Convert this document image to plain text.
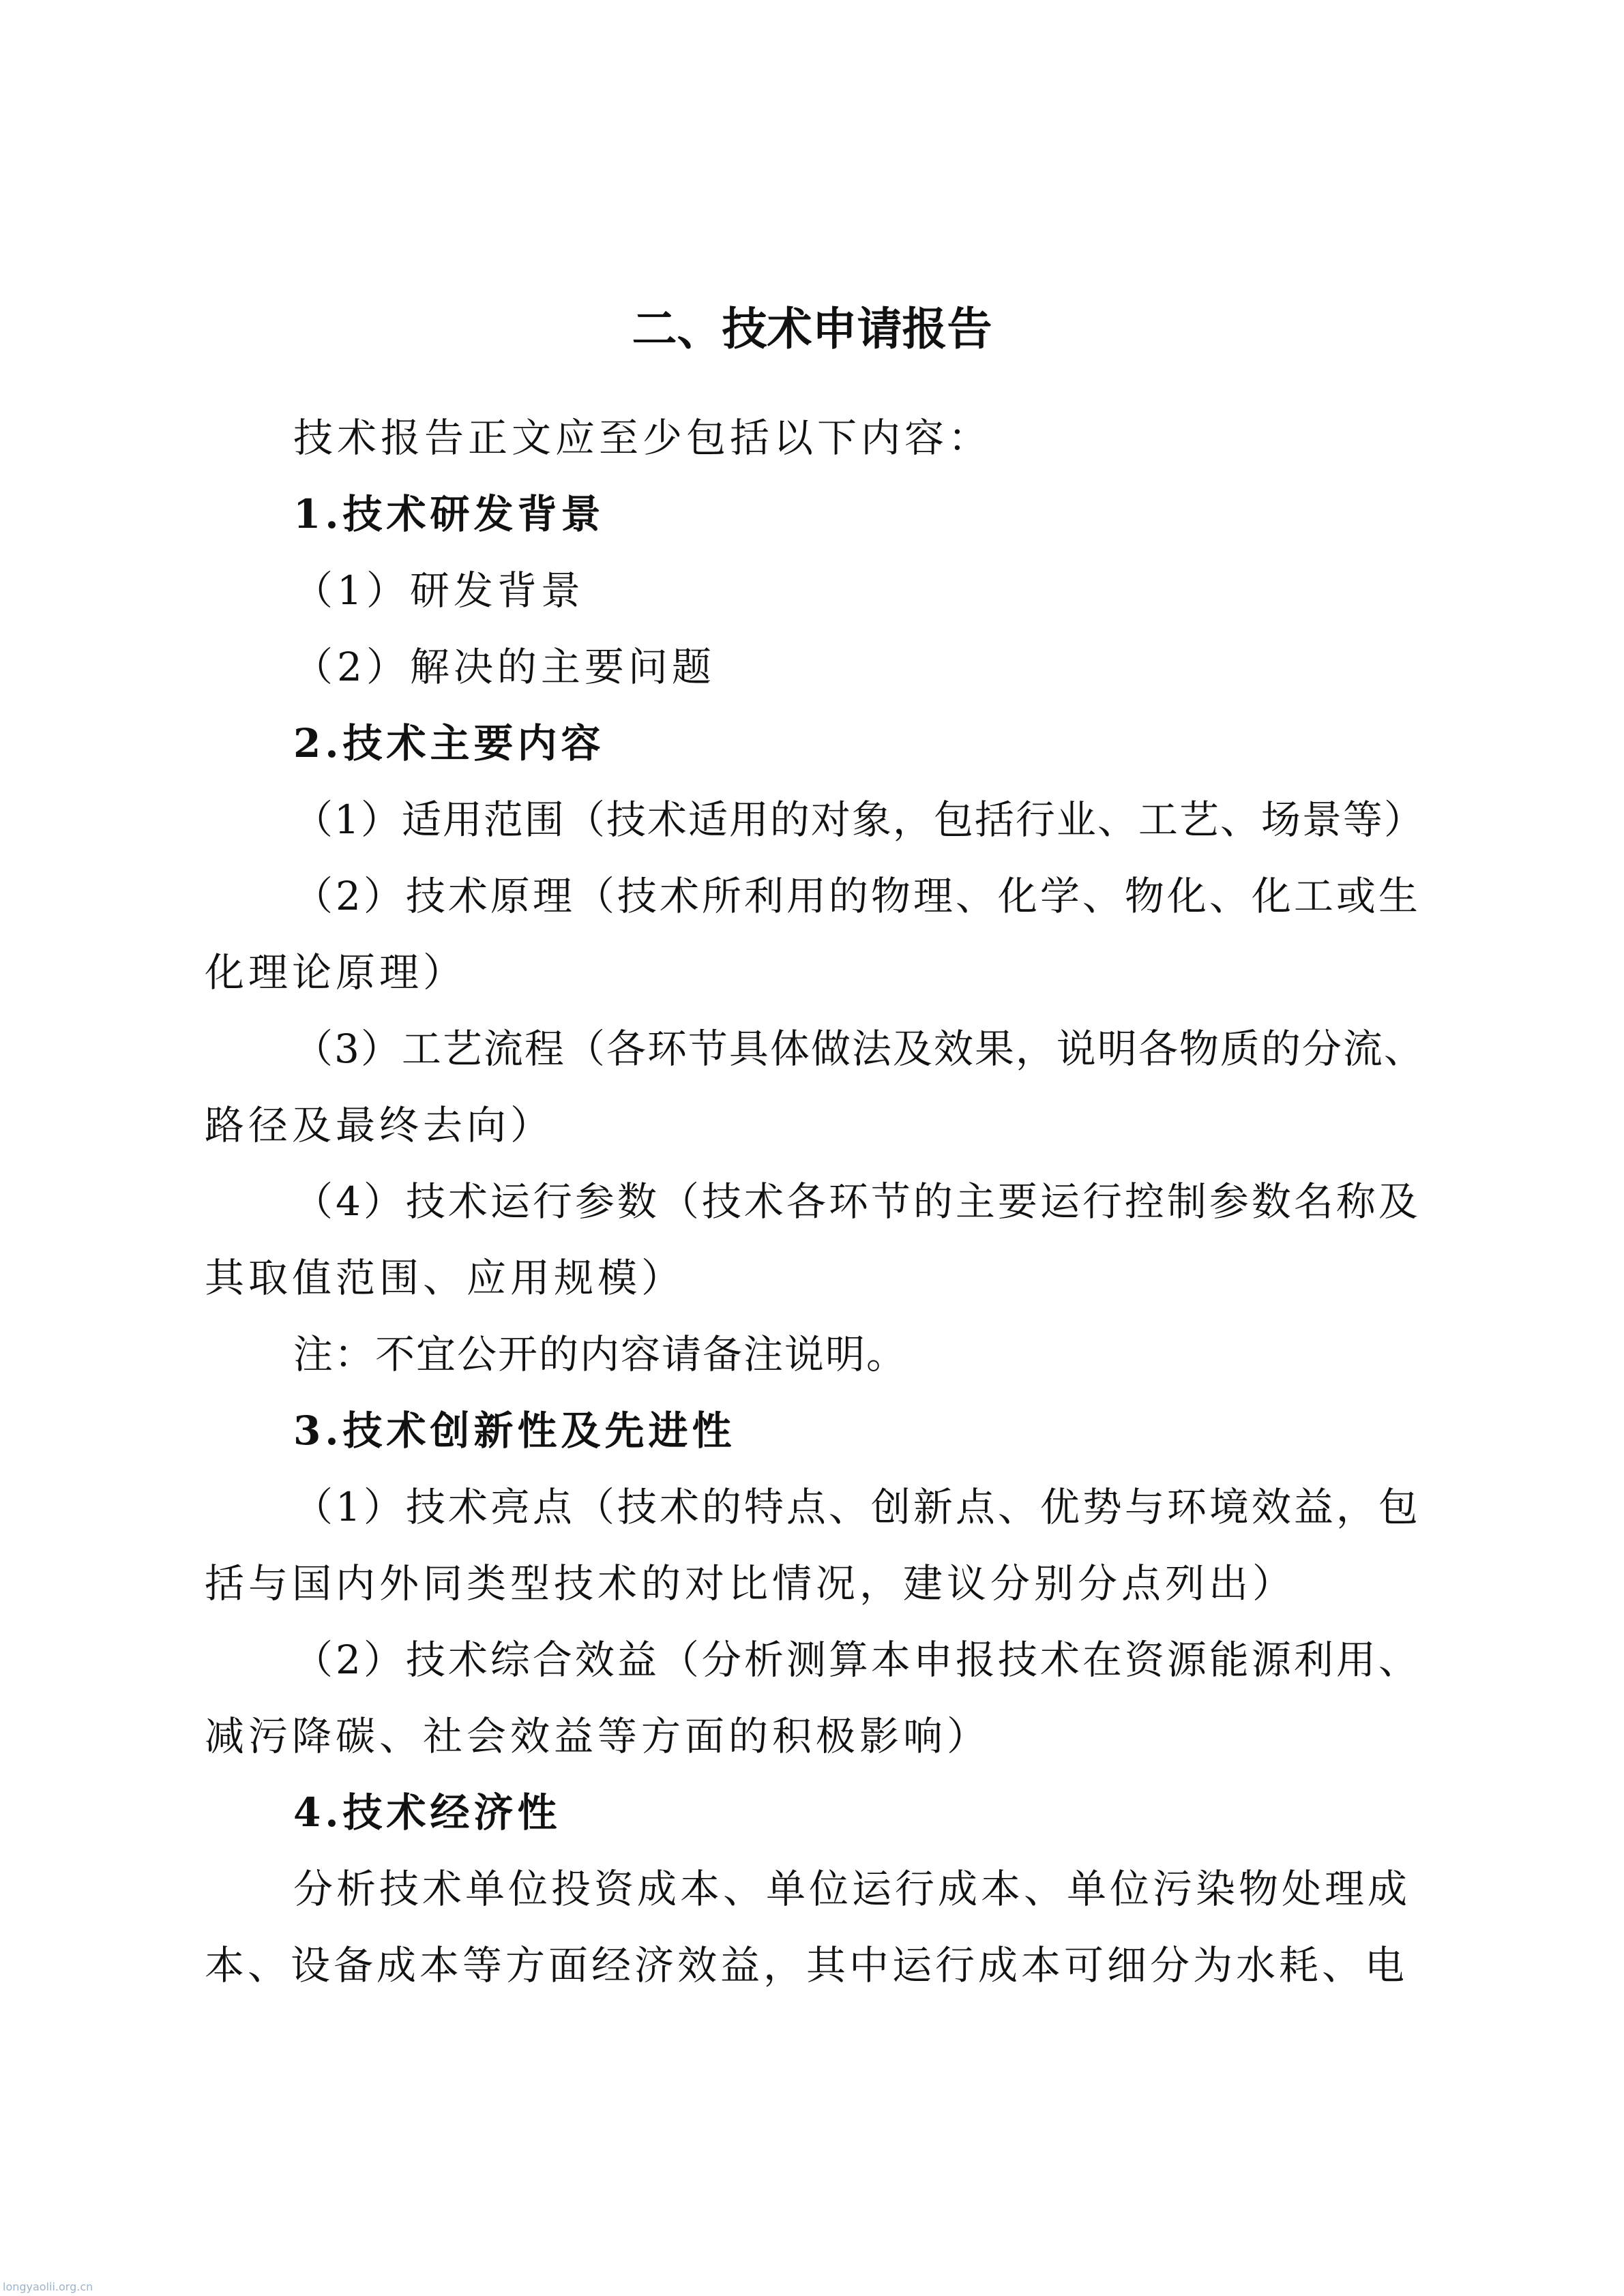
二、技术申请报告
技术报告正文应至少包括以下内容：
1.技术研发背景
（1）研发背景
（2）解决的主要问题
2.技术主要内容
（1）适用范围（技术适用的对象，包括行业、工艺、场景等）
（2）技术原理（技术所利用的物理、化学、物化、化工或生
化理论原理）
（3）工艺流程（各环节具体做法及效果，说明各物质的分流、
路径及最终去向）
（4）技术运行参数（技术各环节的主要运行控制参数名称及
其取值范围、应用规模）
注：不宜公开的内容请备注说明。
3.技术创新性及先进性
（1）技术亮点（技术的特点、创新点、优势与环境效益，包
括与国内外同类型技术的对比情况，建议分别分点列出）
（2）技术综合效益（分析测算本申报技术在资源能源利用、
减污降碳、社会效益等方面的积极影响）
4.技术经济性
分析技术单位投资成本、单位运行成本、单位污染物处理成
本、设备成本等方面经济效益，其中运行成本可细分为水耗、电
longyaolii.org.cn
